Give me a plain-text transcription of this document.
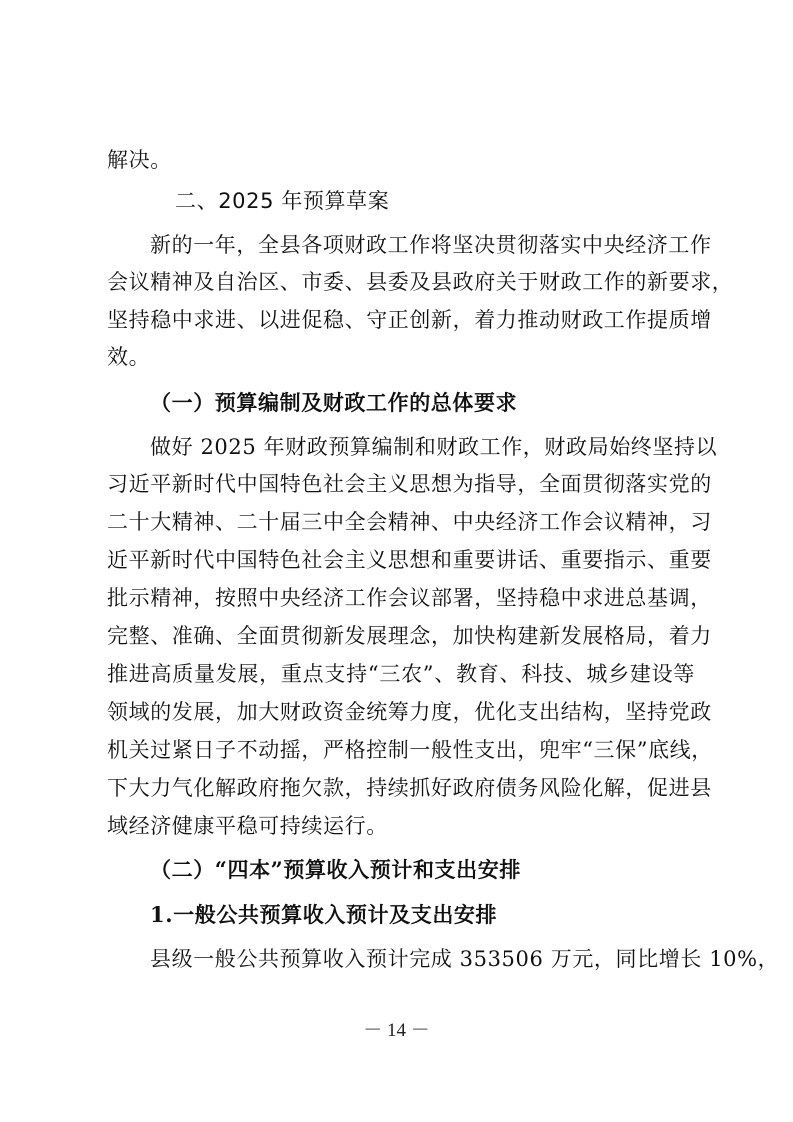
解决。
二、2025 年预算草案
新的一年，全县各项财政工作将坚决贯彻落实中央经济工作
会议精神及自治区、市委、县委及县政府关于财政工作的新要求，
坚持稳中求进、以进促稳、守正创新，着力推动财政工作提质增
效。
（一）预算编制及财政工作的总体要求
做好 2025 年财政预算编制和财政工作，财政局始终坚持以
习近平新时代中国特色社会主义思想为指导，全面贯彻落实党的
二十大精神、二十届三中全会精神、中央经济工作会议精神，习
近平新时代中国特色社会主义思想和重要讲话、重要指示、重要
批示精神，按照中央经济工作会议部署，坚持稳中求进总基调，
完整、准确、全面贯彻新发展理念，加快构建新发展格局，着力
推进高质量发展，重点支持“三农”、教育、科技、城乡建设等
领域的发展，加大财政资金统筹力度，优化支出结构，坚持党政
机关过紧日子不动摇，严格控制一般性支出，兜牢“三保”底线，
下大力气化解政府拖欠款，持续抓好政府债务风险化解，促进县
域经济健康平稳可持续运行。
（二）“四本”预算收入预计和支出安排
1.一般公共预算收入预计及支出安排
县级一般公共预算收入预计完成 353506 万元，同比增长 10%，
－ 14 －
